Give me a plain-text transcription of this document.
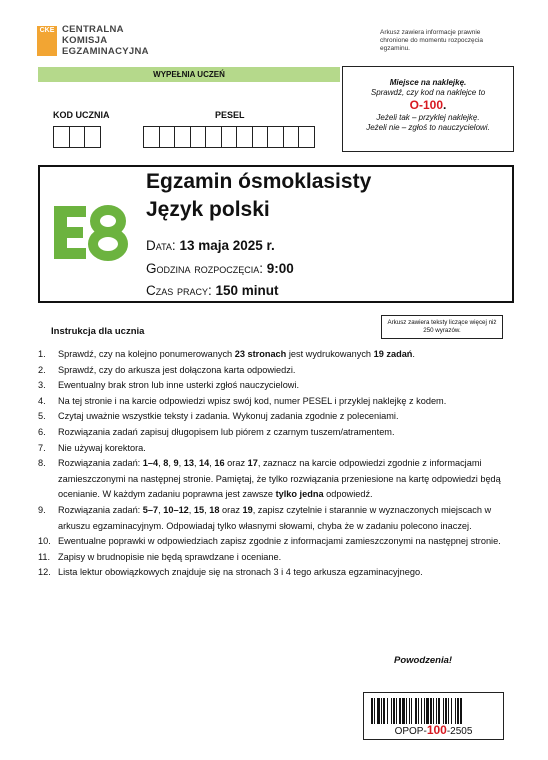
CKE CENTRALNA
KOMISJA
EGZAMINACYJNA
Arkusz zawiera informacje prawnie chronione do momentu rozpoczęcia egzaminu.
WYPEŁNIA UCZEŃ
KOD UCZNIA	PESEL
Miejsce na naklejkę.
Sprawdź, czy kod na naklejce to
O-100.
Jeżeli tak – przyklej naklejkę.
Jeżeli nie – zgłoś to nauczycielowi.
E8
Egzamin ósmoklasisty
Język polski
Data: 13 maja 2025 r.
Godzina rozpoczęcia: 9:00
Czas pracy: 150 minut
Arkusz zawiera teksty liczące więcej niż 250 wyrazów.
Instrukcja dla ucznia
1. Sprawdź, czy na kolejno ponumerowanych 23 stronach jest wydrukowanych 19 zadań.
2. Sprawdź, czy do arkusza jest dołączona karta odpowiedzi.
3. Ewentualny brak stron lub inne usterki zgłoś nauczycielowi.
4. Na tej stronie i na karcie odpowiedzi wpisz swój kod, numer PESEL i przyklej naklejkę z kodem.
5. Czytaj uważnie wszystkie teksty i zadania. Wykonuj zadania zgodnie z poleceniami.
6. Rozwiązania zadań zapisuj długopisem lub piórem z czarnym tuszem/atramentem.
7. Nie używaj korektora.
8. Rozwiązania zadań: 1–4, 8, 9, 13, 14, 16 oraz 17, zaznacz na karcie odpowiedzi zgodnie z informacjami zamieszczonymi na następnej stronie. Pamiętaj, że tylko rozwiązania przeniesione na kartę odpowiedzi będą ocenianie. W każdym zadaniu poprawna jest zawsze tylko jedna odpowiedź.
9. Rozwiązania zadań: 5–7, 10–12, 15, 18 oraz 19, zapisz czytelnie i starannie w wyznaczonych miejscach w arkuszu egzaminacyjnym. Odpowiadaj tylko własnymi słowami, chyba że w zadaniu polecono inaczej.
10. Ewentualne poprawki w odpowiedziach zapisz zgodnie z informacjami zamieszczonymi na następnej stronie.
11. Zapisy w brudnopisie nie będą sprawdzane i oceniane.
12. Lista lektur obowiązkowych znajduje się na stronach 3 i 4 tego arkusza egzaminacyjnego.
Powodzenia!
OPOP-100-2505
